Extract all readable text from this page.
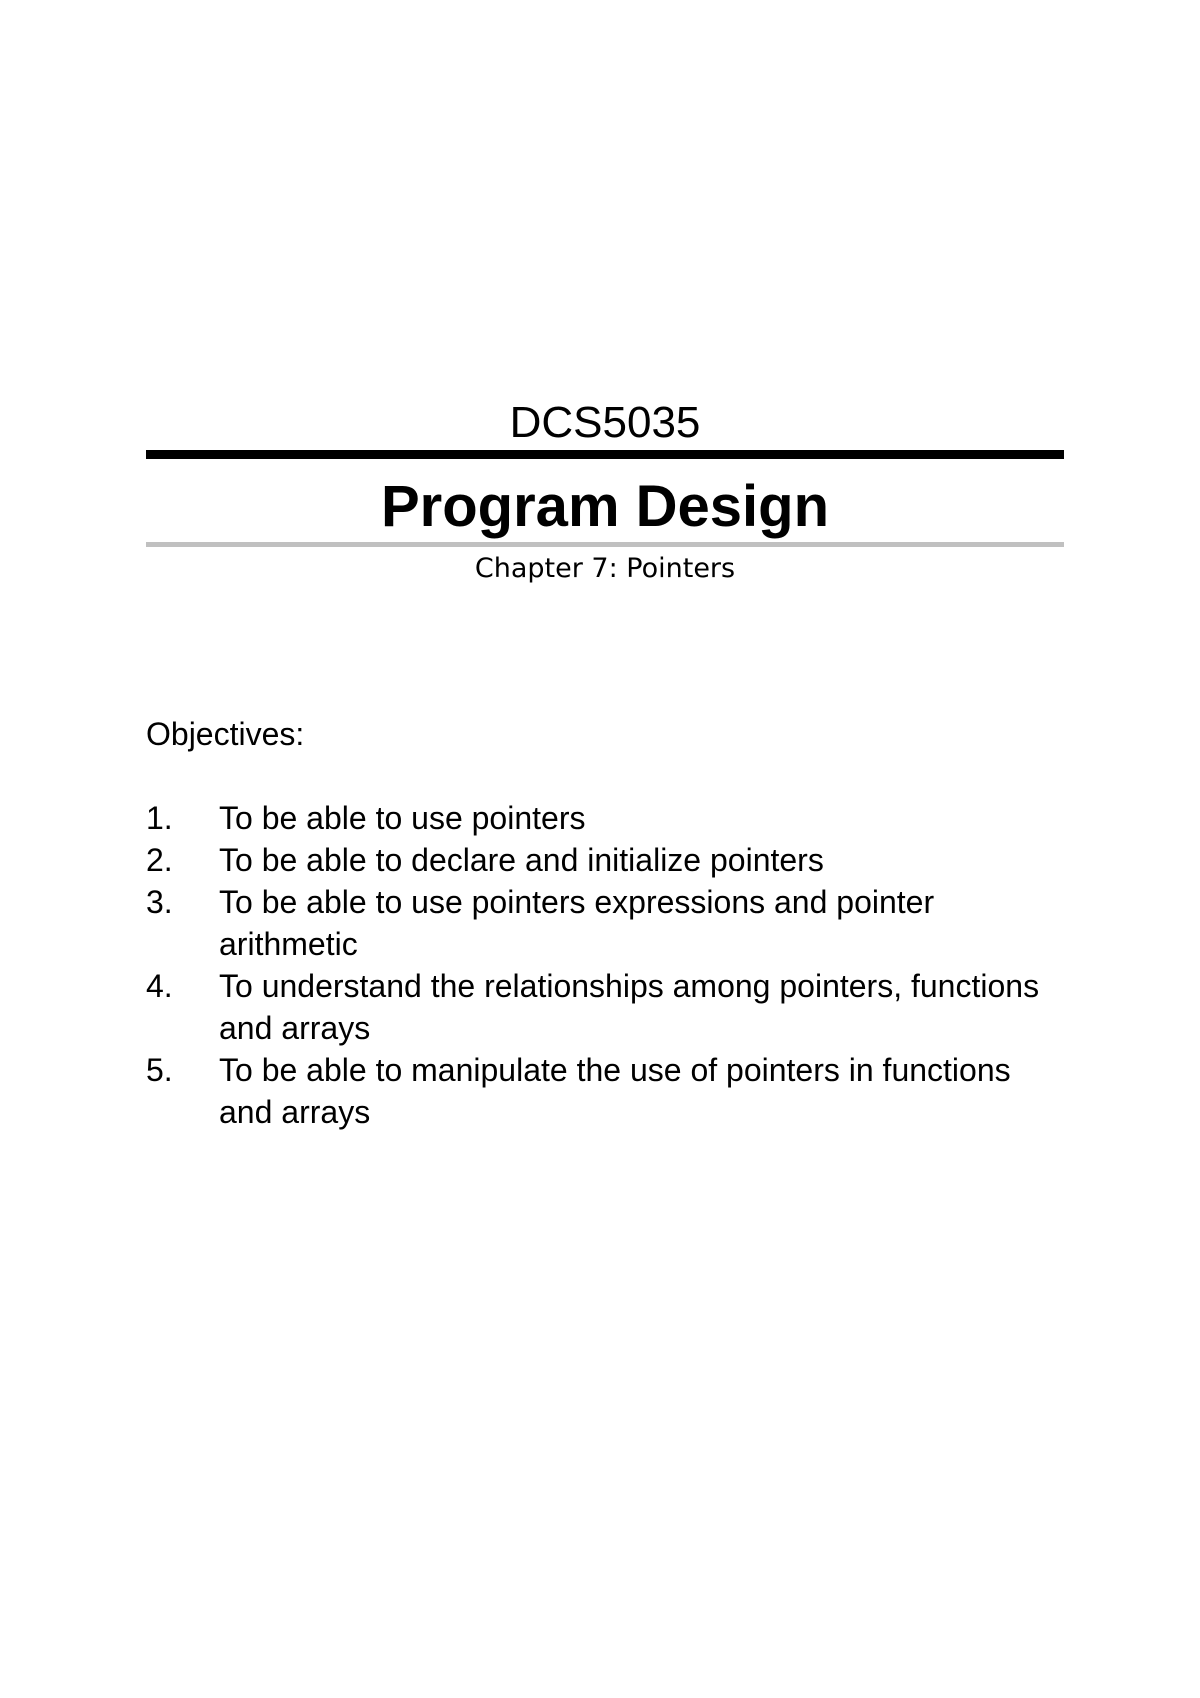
DCS5035
Program Design
Chapter 7: Pointers
Objectives:
1. To be able to use pointers
2. To be able to declare and initialize pointers
3. To be able to use pointers expressions and pointer arithmetic
4. To understand the relationships among pointers, functions and arrays
5. To be able to manipulate the use of pointers in functions and arrays
